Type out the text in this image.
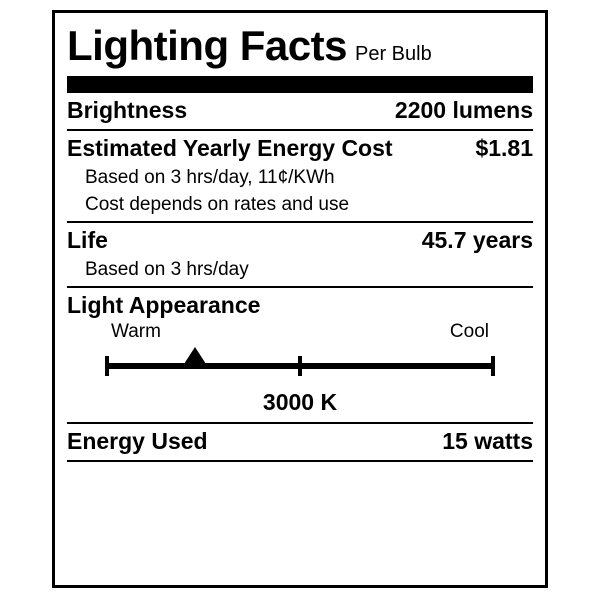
Lighting Facts Per Bulb
Brightness	2200 lumens
Estimated Yearly Energy Cost	$1.81
Based on 3 hrs/day, 11¢/KWh
Cost depends on rates and use
Life	45.7 years
Based on 3 hrs/day
Light Appearance
Warm	Cool
3000 K
Energy Used	15 watts
